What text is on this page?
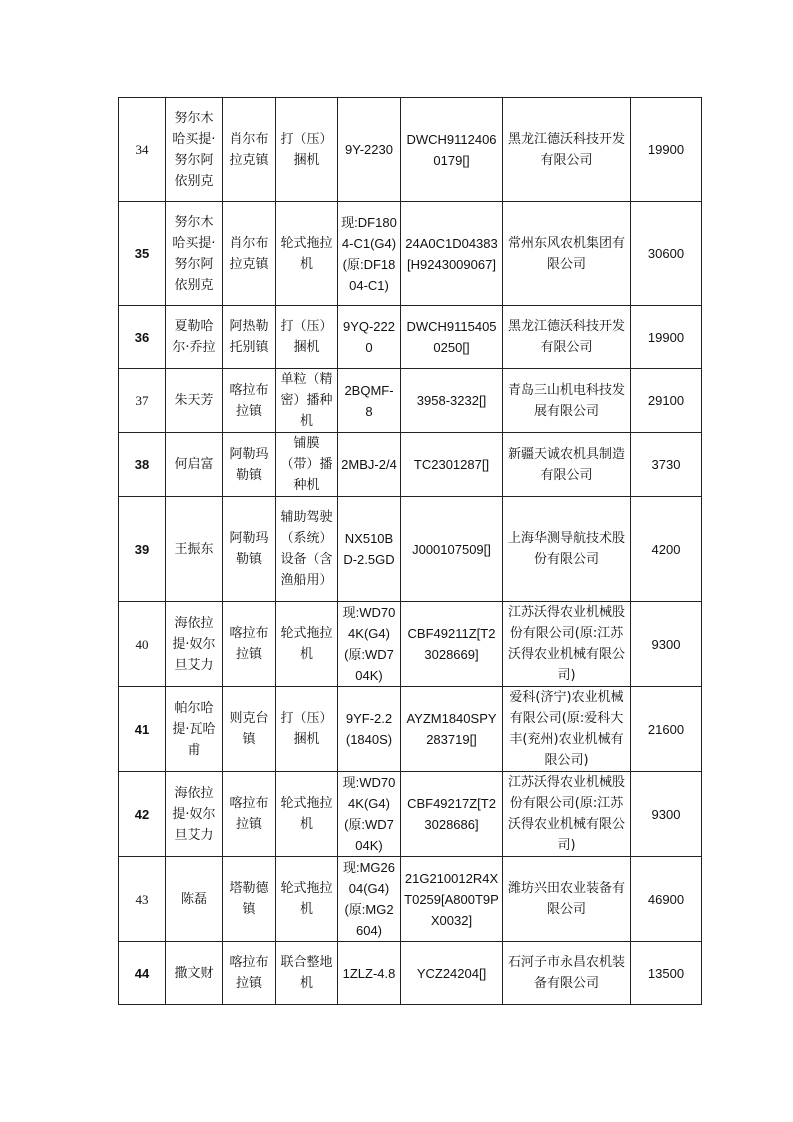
34	努尔木哈买提·努尔阿依别克	肖尔布拉克镇	打（压）捆机	9Y-2230	DWCH91124060179[]	黑龙江德沃科技开发有限公司	19900
35	努尔木哈买提·努尔阿依别克	肖尔布拉克镇	轮式拖拉机	现:DF1804-C1(G4)(原:DF1804-C1)	24A0C1D04383[H9243009067]	常州东风农机集团有限公司	30600
36	夏勒哈尔·乔拉	阿热勒托别镇	打（压）捆机	9YQ-2220	DWCH91154050250[]	黑龙江德沃科技开发有限公司	19900
37	朱天芳	喀拉布拉镇	单粒（精密）播种机	2BQMF-8	3958-3232[]	青岛三山机电科技发展有限公司	29100
38	何启富	阿勒玛勒镇	铺膜（带）播种机	2MBJ-2/4	TC2301287[]	新疆天诚农机具制造有限公司	3730
39	王振东	阿勒玛勒镇	辅助驾驶（系统）设备（含渔船用）	NX510BD-2.5GD	J000107509[]	上海华测导航技术股份有限公司	4200
40	海依拉提·奴尔旦艾力	喀拉布拉镇	轮式拖拉机	现:WD704K(G4)(原:WD704K)	CBF49211Z[T23028669]	江苏沃得农业机械股份有限公司(原:江苏沃得农业机械有限公司)	9300
41	帕尔哈提·瓦哈甫	则克台镇	打（压）捆机	9YF-2.2(1840S)	AYZM1840SPY283719[]	爱科(济宁)农业机械有限公司(原:爱科大丰(兖州)农业机械有限公司)	21600
42	海依拉提·奴尔旦艾力	喀拉布拉镇	轮式拖拉机	现:WD704K(G4)(原:WD704K)	CBF49217Z[T23028686]	江苏沃得农业机械股份有限公司(原:江苏沃得农业机械有限公司)	9300
43	陈磊	塔勒德镇	轮式拖拉机	现:MG2604(G4)(原:MG2604)	21G210012R4XT0259[A800T9PX0032]	潍坊兴田农业装备有限公司	46900
44	撒文财	喀拉布拉镇	联合整地机	1ZLZ-4.8	YCZ24204[]	石河子市永昌农机装备有限公司	13500
